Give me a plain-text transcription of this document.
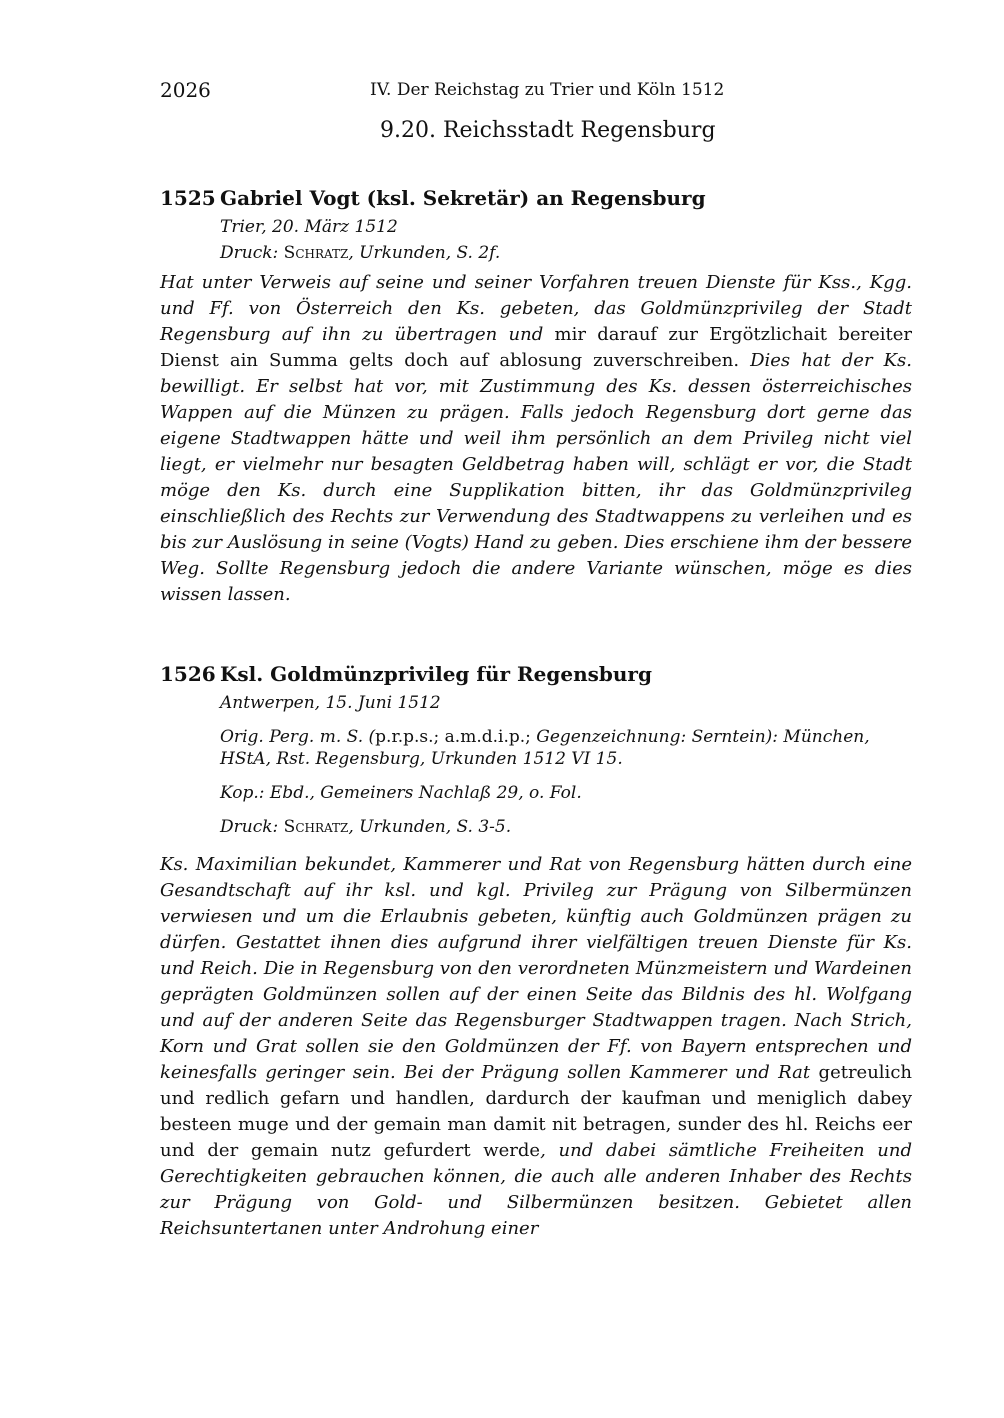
2026	IV. Der Reichstag zu Trier und Köln 1512
9.20. Reichsstadt Regensburg
1525 Gabriel Vogt (ksl. Sekretär) an Regensburg

Trier, 20. März 1512

Druck: Schratz, Urkunden, S. 2f.

Hat unter Verweis auf seine und seiner Vorfahren treuen Dienste für Kss., Kgg. und Ff. von Österreich den Ks. gebeten, das Goldmünzprivileg der Stadt Regensburg auf ihn zu übertragen und mir darauf zur Ergötzlichait bereiter Dienst ain Summa gelts doch auf ablosung zuverschreiben. Dies hat der Ks. bewilligt. Er selbst hat vor, mit Zustimmung des Ks. dessen österreichisches Wappen auf die Münzen zu prägen. Falls jedoch Regensburg dort gerne das eigene Stadtwappen hätte und weil ihm persönlich an dem Privileg nicht viel liegt, er vielmehr nur besagten Geldbetrag haben will, schlägt er vor, die Stadt möge den Ks. durch eine Supplikation bitten, ihr das Goldmünzprivileg einschließlich des Rechts zur Verwendung des Stadtwappens zu verleihen und es bis zur Auslösung in seine (Vogts) Hand zu geben. Dies erschiene ihm der bessere Weg. Sollte Regensburg jedoch die andere Variante wünschen, möge es dies wissen lassen.

1526 Ksl. Goldmünzprivileg für Regensburg

Antwerpen, 15. Juni 1512

Orig. Perg. m. S. (p.r.p.s.; a.m.d.i.p.; Gegenzeichnung: Serntein): München, HStA, Rst. Regensburg, Urkunden 1512 VI 15.

Kop.: Ebd., Gemeiners Nachlaß 29, o. Fol.

Druck: Schratz, Urkunden, S. 3-5.

Ks. Maximilian bekundet, Kammerer und Rat von Regensburg hätten durch eine Gesandtschaft auf ihr ksl. und kgl. Privileg zur Prägung von Silbermünzen verwiesen und um die Erlaubnis gebeten, künftig auch Goldmünzen prägen zu dürfen. Gestattet ihnen dies aufgrund ihrer vielfältigen treuen Dienste für Ks. und Reich. Die in Regensburg von den verordneten Münzmeistern und Wardeinen geprägten Goldmünzen sollen auf der einen Seite das Bildnis des hl. Wolfgang und auf der anderen Seite das Regensburger Stadtwappen tragen. Nach Strich, Korn und Grat sollen sie den Goldmünzen der Ff. von Bayern entsprechen und keinesfalls geringer sein. Bei der Prägung sollen Kammerer und Rat getreulich und redlich gefarn und handlen, dardurch der kaufman und meniglich dabey besteen muge und der gemain man damit nit betragen, sunder des hl. Reichs eer und der gemain nutz gefurdert werde, und dabei sämtliche Freiheiten und Gerechtigkeiten gebrauchen können, die auch alle anderen Inhaber des Rechts zur Prägung von Gold- und Silbermünzen besitzen. Gebietet allen Reichsuntertanen unter Androhung einer
